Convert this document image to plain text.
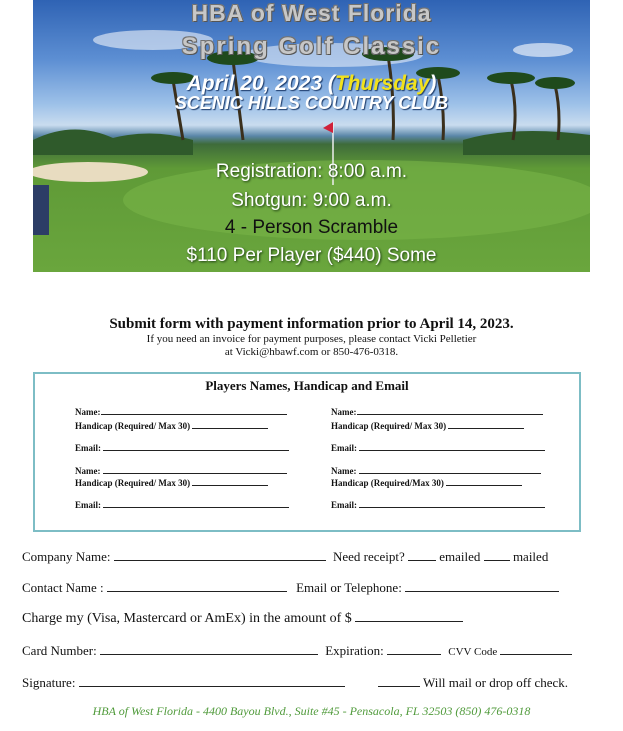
HBA of West Florida
Spring Golf Classic
April 20, 2023 (Thursday)
SCENIC HILLS COUNTRY CLUB
Registration: 8:00 a.m.
Shotgun: 9:00 a.m.
4 - Person Scramble
$110 Per Player ($440) Some
Submit form with payment information prior to April 14, 2023.
If you need an invoice for payment purposes, please contact Vicki Pelletier
at Vicki@hbawf.com or 850-476-0318.
Players Names, Handicap and Email
Name:
Handicap (Required/ Max 30)
Email:
Name:
Handicap (Required/ Max 30)
Email:
Name:
Handicap (Required/ Max 30)
Email:
Name:
Handicap (Required/Max 30)
Email:
Company Name:	Need receipt?	emailed	mailed
Contact Name :	Email or Telephone:
Charge my (Visa, Mastercard or AmEx) in the amount of $
Card Number:	Expiration:	CVV Code
Signature:	Will mail or drop off check.
HBA of West Florida - 4400 Bayou Blvd., Suite #45 - Pensacola, FL 32503 (850) 476-0318
